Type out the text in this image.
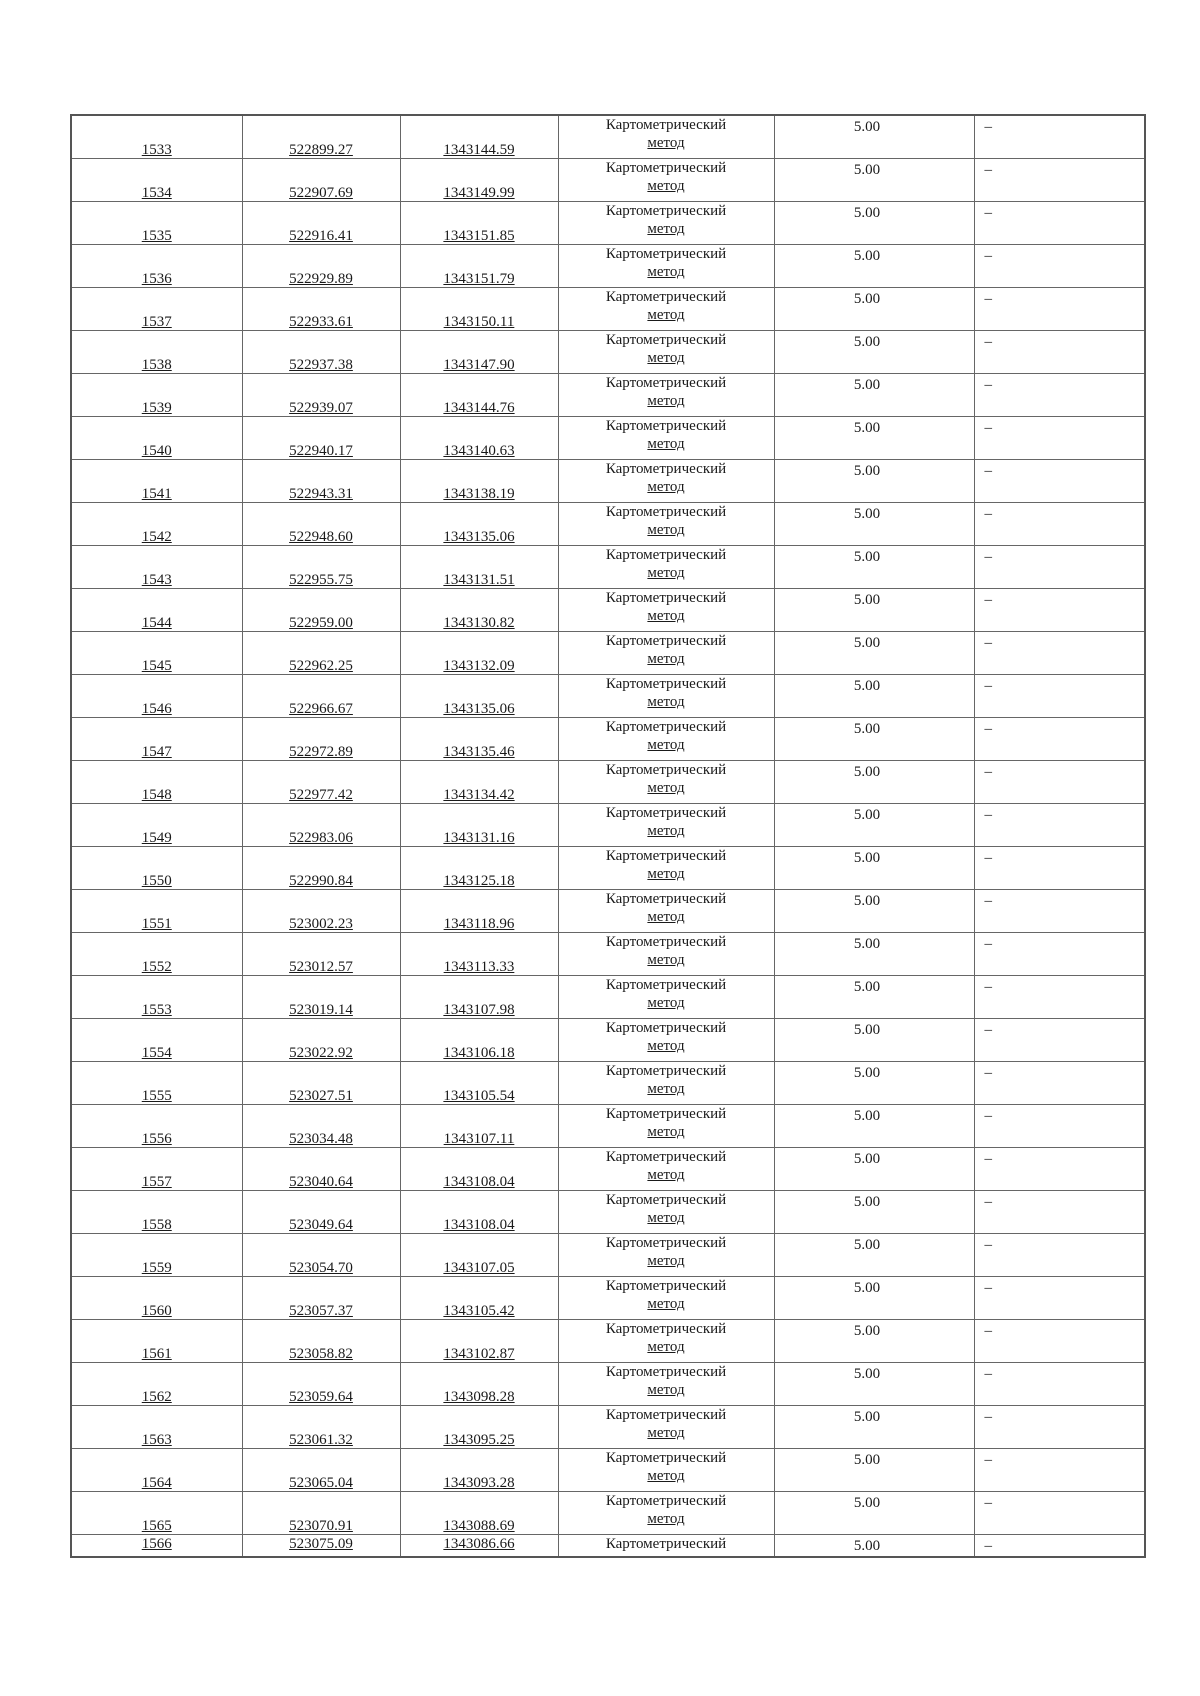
1533	522899.27	1343144.59	Картометрический
метод	5.00	–

1534	522907.69	1343149.99	Картометрический
метод	5.00	–

1535	522916.41	1343151.85	Картометрический
метод	5.00	–

1536	522929.89	1343151.79	Картометрический
метод	5.00	–

1537	522933.61	1343150.11	Картометрический
метод	5.00	–

1538	522937.38	1343147.90	Картометрический
метод	5.00	–

1539	522939.07	1343144.76	Картометрический
метод	5.00	–

1540	522940.17	1343140.63	Картометрический
метод	5.00	–

1541	522943.31	1343138.19	Картометрический
метод	5.00	–

1542	522948.60	1343135.06	Картометрический
метод	5.00	–

1543	522955.75	1343131.51	Картометрический
метод	5.00	–

1544	522959.00	1343130.82	Картометрический
метод	5.00	–

1545	522962.25	1343132.09	Картометрический
метод	5.00	–

1546	522966.67	1343135.06	Картометрический
метод	5.00	–

1547	522972.89	1343135.46	Картометрический
метод	5.00	–

1548	522977.42	1343134.42	Картометрический
метод	5.00	–

1549	522983.06	1343131.16	Картометрический
метод	5.00	–

1550	522990.84	1343125.18	Картометрический
метод	5.00	–

1551	523002.23	1343118.96	Картометрический
метод	5.00	–

1552	523012.57	1343113.33	Картометрический
метод	5.00	–

1553	523019.14	1343107.98	Картометрический
метод	5.00	–

1554	523022.92	1343106.18	Картометрический
метод	5.00	–

1555	523027.51	1343105.54	Картометрический
метод	5.00	–

1556	523034.48	1343107.11	Картометрический
метод	5.00	–

1557	523040.64	1343108.04	Картометрический
метод	5.00	–

1558	523049.64	1343108.04	Картометрический
метод	5.00	–

1559	523054.70	1343107.05	Картометрический
метод	5.00	–

1560	523057.37	1343105.42	Картометрический
метод	5.00	–

1561	523058.82	1343102.87	Картометрический
метод	5.00	–

1562	523059.64	1343098.28	Картометрический
метод	5.00	–

1563	523061.32	1343095.25	Картометрический
метод	5.00	–

1564	523065.04	1343093.28	Картометрический
метод	5.00	–

1565	523070.91	1343088.69	Картометрический
метод	5.00	–

1566	523075.09	1343086.66	Картометрический	5.00	–
